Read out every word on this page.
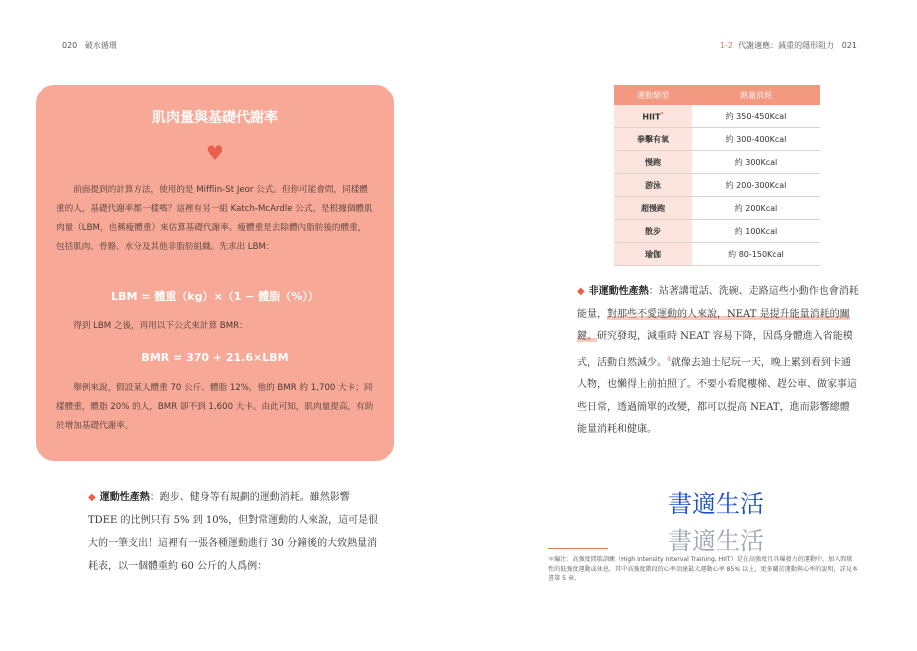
020 破水循環	1-2 代謝適應：減重的隱形阻力 021
肌肉量與基礎代謝率
♥
前面提到的計算方法，使用的是 Mifflin-St Jeor 公式。但你可能會問，同樣體重的人，基礎代謝率都一樣嗎？這裡有另一組 Katch-McArdle 公式，是根據個體肌肉量（LBM，也稱瘦體重）來估算基礎代謝率。瘦體重是去除體內脂肪後的體重，包括肌肉、骨骼、水分及其他非脂肪組織。先求出 LBM：
LBM = 體重（kg）×（1 − 體脂（%））
得到 LBM 之後，再用以下公式來計算 BMR：
BMR = 370 + 21.6×LBM
舉例來說，假設某人體重 70 公斤、體脂 12%，他的 BMR 約 1,700 大卡；同樣體重，體脂 20% 的人，BMR 卻不到 1,600 大卡。由此可知，肌肉量提高，有助於增加基礎代謝率。
◆ 運動性產熱：跑步、健身等有規劃的運動消耗。雖然影響 TDEE 的比例只有 5% 到 10%，但對常運動的人來說，這可是很大的一筆支出！這裡有一張各種運動進行 30 分鐘後的大致熱量消耗表，以一個體重約 60 公斤的人爲例：
運動類型	熱量消耗
HIIT*	約 350-450Kcal
拳擊有氧	約 300-400Kcal
慢跑	約 300Kcal
游泳	約 200-300Kcal
超慢跑	約 200Kcal
散步	約 100Kcal
瑜伽	約 80-150Kcal
◆ 非運動性產熱：站著講電話、洗碗、走路這些小動作也會消耗能量，對那些不愛運動的人來說，NEAT 是提升能量消耗的關鍵。研究發現，減重時 NEAT 容易下降，因爲身體進入省能模式，活動自然減少。$^4$就像去迪士尼玩一天，晚上累到看到卡通人物，也懶得上前拍照了。不要小看爬樓梯、趕公車、做家事這些日常，透過簡單的改變，都可以提高 NEAT，進而影響總體能量消耗和健康。
書適生活
書適生活
＊編注：高強度間歇訓練（High Intensity Interval Training, HIIT）是在高強度且具爆發力的運動中，加入間歇性的低強度運動或休息，其中高強度階段的心率須達最大運動心率 85% 以上，更多關於運動與心率的說明，詳見本書第 5 章。
